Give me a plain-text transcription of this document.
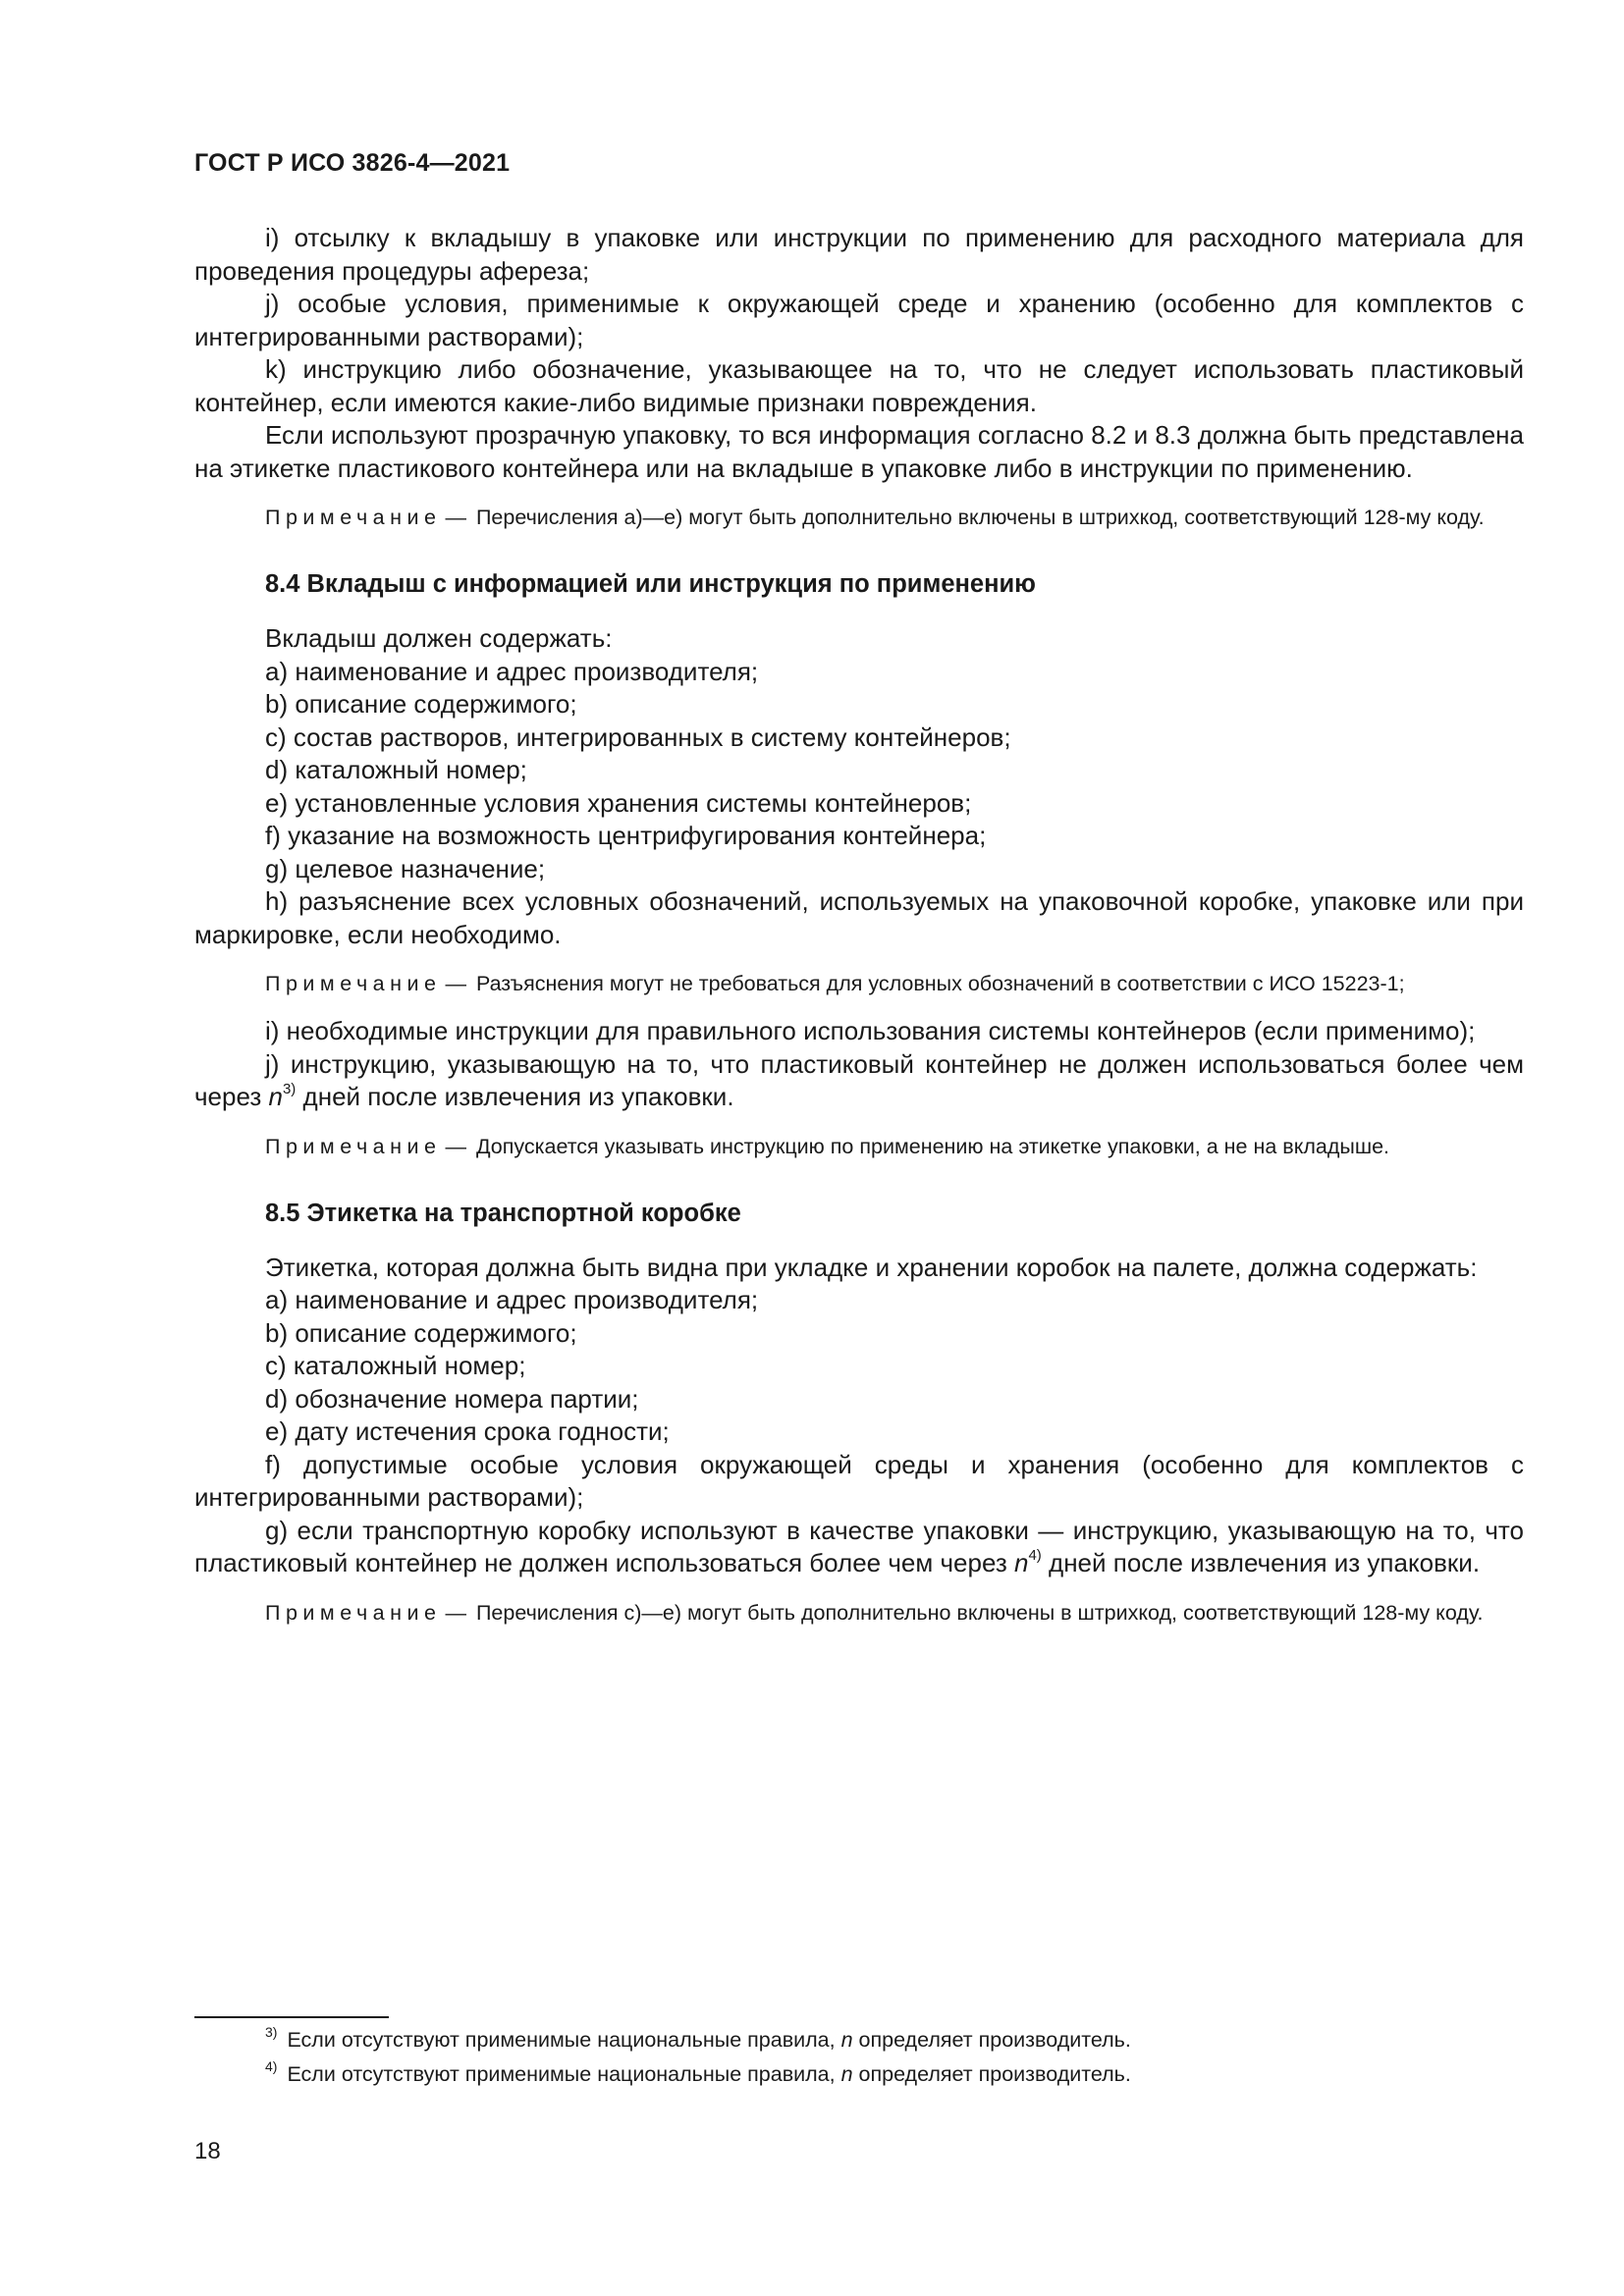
ГОСТ Р ИСО 3826-4—2021

i) отсылку к вкладышу в упаковке или инструкции по применению для расходного материала для проведения процедуры афереза;

j) особые условия, применимые к окружающей среде и хранению (особенно для комплектов с интегрированными растворами);

k) инструкцию либо обозначение, указывающее на то, что не следует использовать пластиковый контейнер, если имеются какие-либо видимые признаки повреждения.

Если используют прозрачную упаковку, то вся информация согласно 8.2 и 8.3 должна быть представлена на этикетке пластикового контейнера или на вкладыше в упаковке либо в инструкции по применению.

Примечание — Перечисления a)—e) могут быть дополнительно включены в штрихкод, соответствующий 128-му коду.
8.4 Вкладыш с информацией или инструкция по применению

Вкладыш должен содержать:

a) наименование и адрес производителя;

b) описание содержимого;

c) состав растворов, интегрированных в систему контейнеров;

d) каталожный номер;

e) установленные условия хранения системы контейнеров;

f) указание на возможность центрифугирования контейнера;

g) целевое назначение;

h) разъяснение всех условных обозначений, используемых на упаковочной коробке, упаковке или при маркировке, если необходимо.

Примечание — Разъяснения могут не требоваться для условных обозначений в соответствии с ИСО 15223-1;

i) необходимые инструкции для правильного использования системы контейнеров (если применимо);

j) инструкцию, указывающую на то, что пластиковый контейнер не должен использоваться более чем через $n^{3)}$ дней после извлечения из упаковки.

Примечание — Допускается указывать инструкцию по применению на этикетке упаковки, а не на вкладыше.
8.5 Этикетка на транспортной коробке

Этикетка, которая должна быть видна при укладке и хранении коробок на палете, должна содержать:

a) наименование и адрес производителя;

b) описание содержимого;

c) каталожный номер;

d) обозначение номера партии;

e) дату истечения срока годности;

f) допустимые особые условия окружающей среды и хранения (особенно для комплектов с интегрированными растворами);

g) если транспортную коробку используют в качестве упаковки — инструкцию, указывающую на то, что пластиковый контейнер не должен использоваться более чем через $n^{4)}$ дней после извлечения из упаковки.

Примечание — Перечисления c)—e) могут быть дополнительно включены в штрихкод, соответствующий 128-му коду.
$^{3)}$ Если отсутствуют применимые национальные правила, n определяет производитель.
$^{4)}$ Если отсутствуют применимые национальные правила, n определяет производитель.
18
